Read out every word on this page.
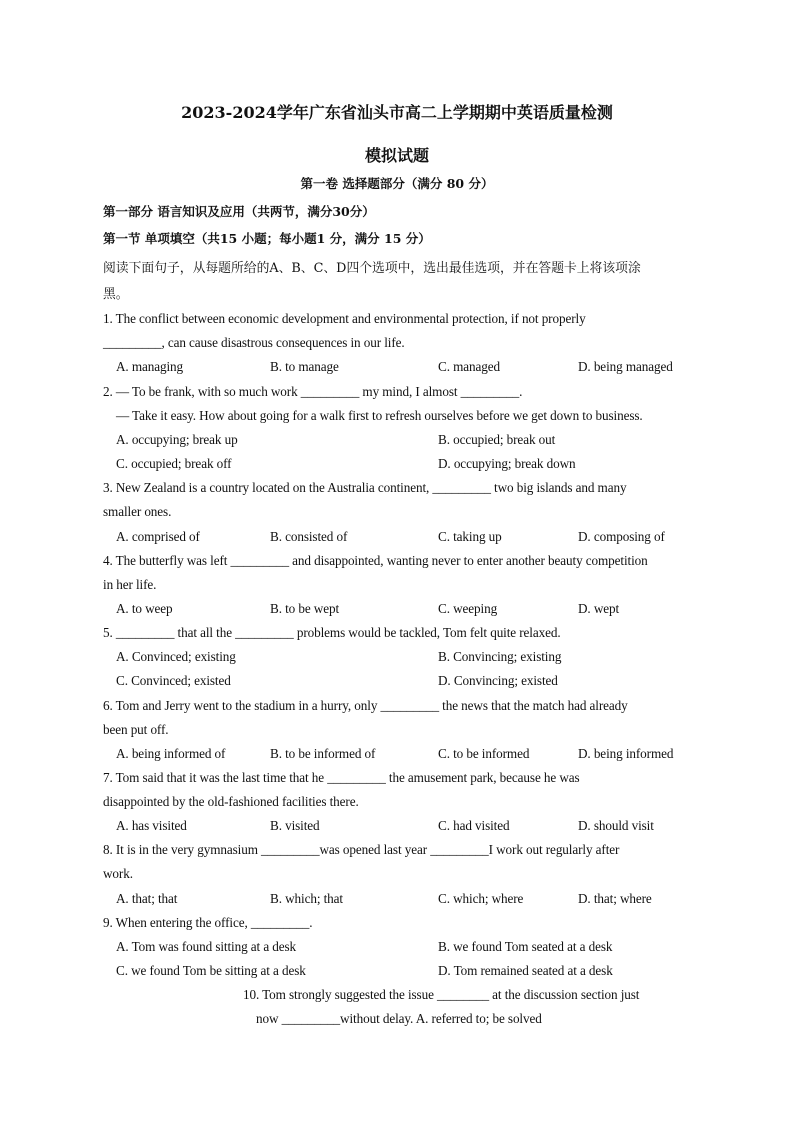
2023-2024学年广东省汕头市高二上学期期中英语质量检测
模拟试题
第一卷 选择题部分（满分 80 分）
第一部分 语言知识及应用（共两节，满分30分）
第一节 单项填空（共15 小题；每小题1 分，满分 15 分）
阅读下面句子，从每题所给的A、B、C、D四个选项中，选出最佳选项，并在答题卡上将该项涂
黑。
1. The conflict between economic development and environmental protection, if not properly
_________, can cause disastrous consequences in our life.
A. managing	B. to manage	C. managed	D. being managed
2. — To be frank, with so much work _________ my mind, I almost _________.
— Take it easy. How about going for a walk first to refresh ourselves before we get down to business.
A. occupying; break up	B. occupied; break out
C. occupied; break off	D. occupying; break down
3. New Zealand is a country located on the Australia continent, _________ two big islands and many
smaller ones.
A. comprised of	B. consisted of	C. taking up	D. composing of
4. The butterfly was left _________ and disappointed, wanting never to enter another beauty competition
in her life.
A. to weep	B. to be wept	C. weeping	D. wept
5. _________ that all the _________ problems would be tackled, Tom felt quite relaxed.
A. Convinced; existing	B. Convincing; existing
C. Convinced; existed	D. Convincing; existed
6. Tom and Jerry went to the stadium in a hurry, only _________ the news that the match had already
been put off.
A. being informed of	B. to be informed of	C. to be informed	D. being informed
7. Tom said that it was the last time that he _________ the amusement park, because he was
disappointed by the old-fashioned facilities there.
A. has visited	B. visited	C. had visited	D. should visit
8. It is in the very gymnasium _________was opened last year _________I work out regularly after
work.
A. that; that	B. which; that	C. which; where	D. that; where
9. When entering the office, _________.
A. Tom was found sitting at a desk	B. we found Tom seated at a desk
C. we found Tom be sitting at a desk	D. Tom remained seated at a desk
10. Tom strongly suggested the issue ________ at the discussion section just
now _________without delay. A. referred to; be solved
